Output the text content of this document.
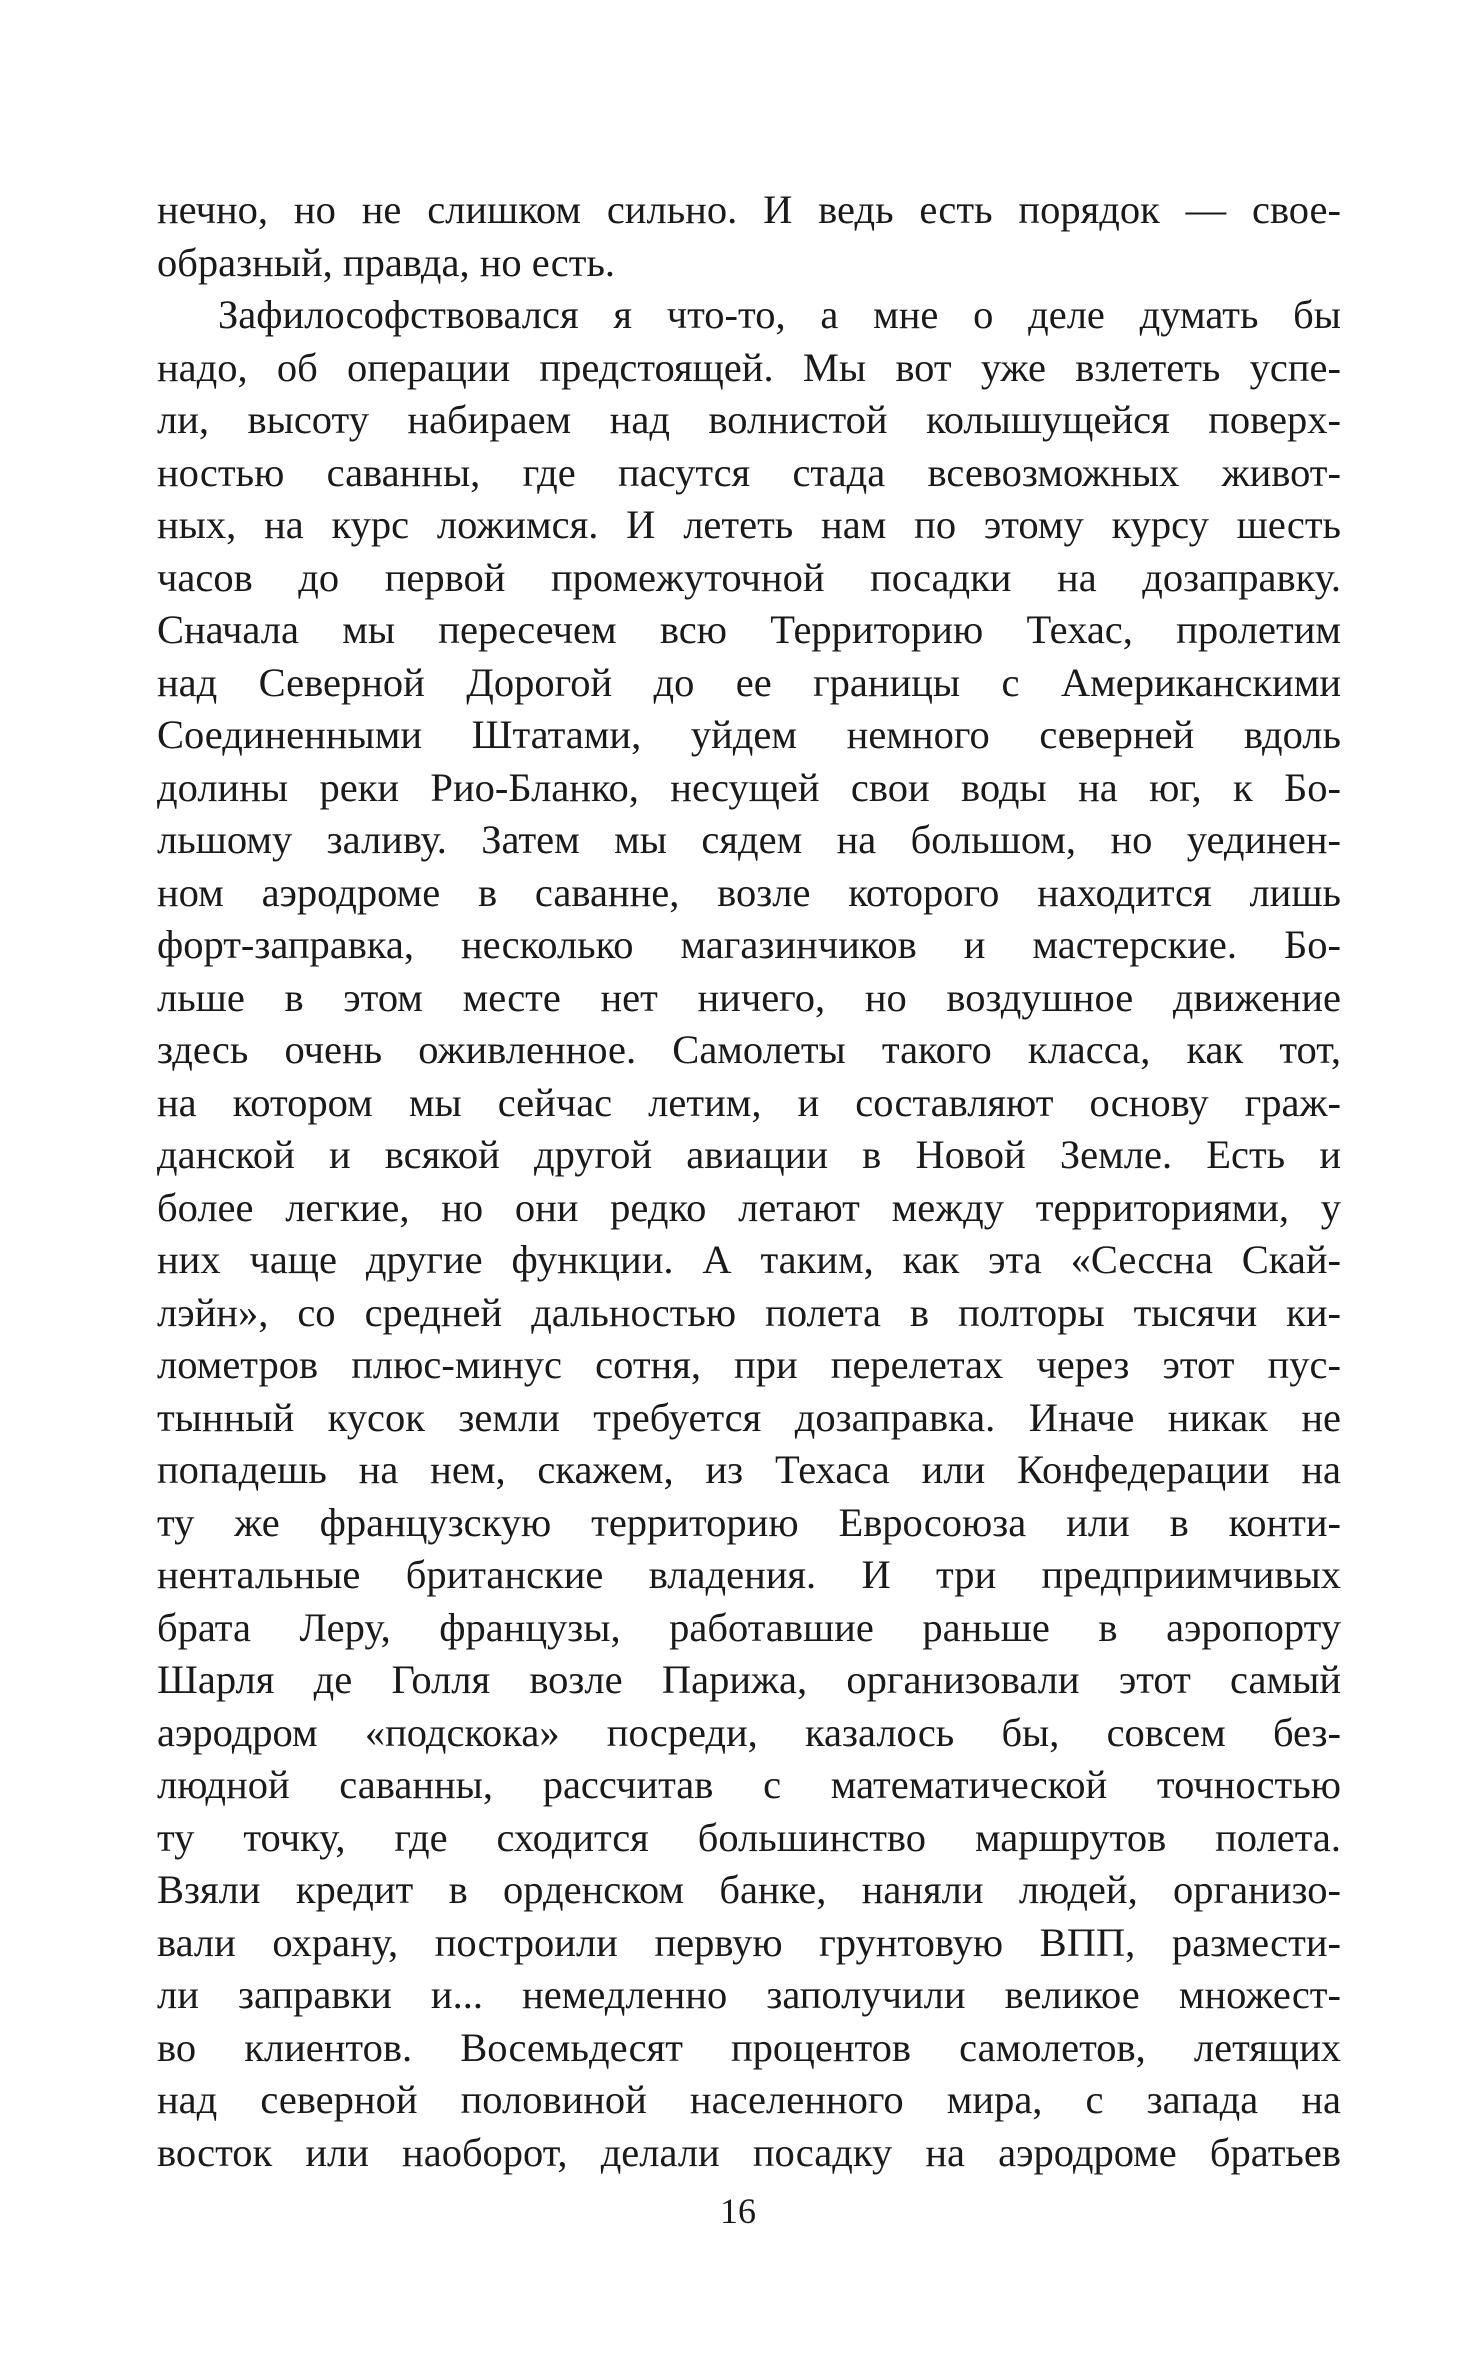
нечно, но не слишком сильно. И ведь есть порядок — свое-
образный, правда, но есть.
Зафилософствовался я что-то, а мне о деле думать бы
надо, об операции предстоящей. Мы вот уже взлететь успе-
ли, высоту набираем над волнистой колышущейся поверх-
ностью саванны, где пасутся стада всевозможных живот-
ных, на курс ложимся. И лететь нам по этому курсу шесть
часов до первой промежуточной посадки на дозаправку.
Сначала мы пересечем всю Территорию Техас, пролетим
над Северной Дорогой до ее границы с Американскими
Соединенными Штатами, уйдем немного северней вдоль
долины реки Рио-Бланко, несущей свои воды на юг, к Бо-
льшому заливу. Затем мы сядем на большом, но уединен-
ном аэродроме в саванне, возле которого находится лишь
форт-заправка, несколько магазинчиков и мастерские. Бо-
льше в этом месте нет ничего, но воздушное движение
здесь очень оживленное. Самолеты такого класса, как тот,
на котором мы сейчас летим, и составляют основу граж-
данской и всякой другой авиации в Новой Земле. Есть и
более легкие, но они редко летают между территориями, у
них чаще другие функции. А таким, как эта «Сессна Скай-
лэйн», со средней дальностью полета в полторы тысячи ки-
лометров плюс-минус сотня, при перелетах через этот пус-
тынный кусок земли требуется дозаправка. Иначе никак не
попадешь на нем, скажем, из Техаса или Конфедерации на
ту же французскую территорию Евросоюза или в конти-
нентальные британские владения. И три предприимчивых
брата Леру, французы, работавшие раньше в аэропорту
Шарля де Голля возле Парижа, организовали этот самый
аэродром «подскока» посреди, казалось бы, совсем без-
людной саванны, рассчитав с математической точностью
ту точку, где сходится большинство маршрутов полета.
Взяли кредит в орденском банке, наняли людей, организо-
вали охрану, построили первую грунтовую ВПП, размести-
ли заправки и... немедленно заполучили великое множест-
во клиентов. Восемьдесят процентов самолетов, летящих
над северной половиной населенного мира, с запада на
восток или наоборот, делали посадку на аэродроме братьев
16
